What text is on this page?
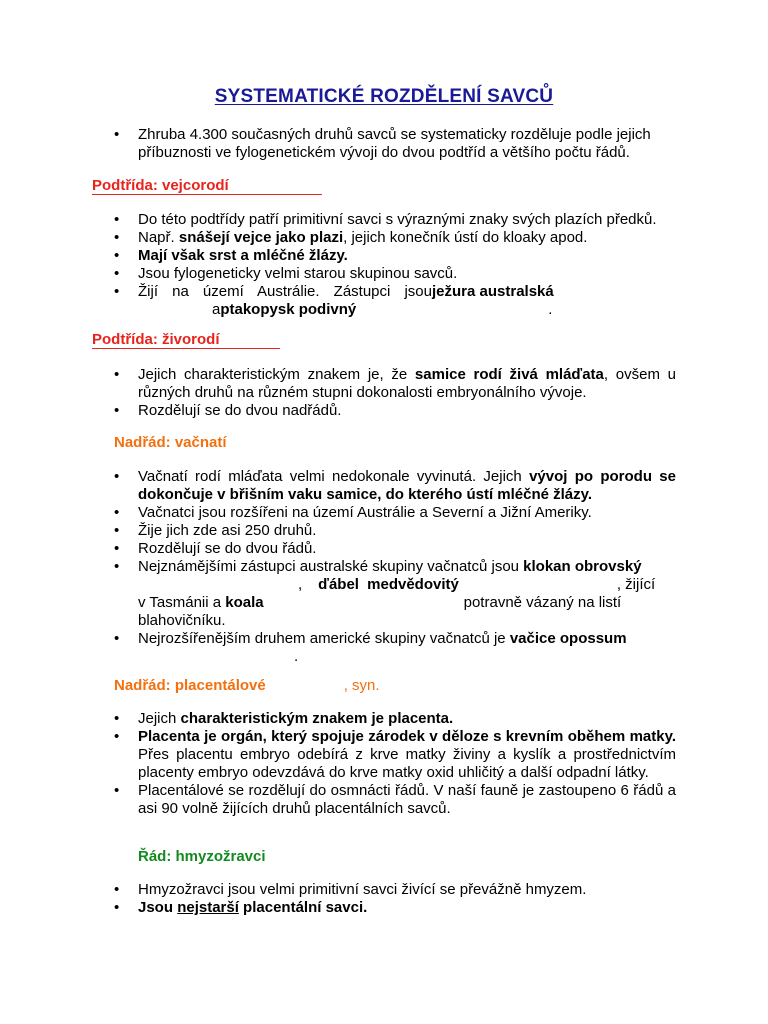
SYSTEMATICKÉ ROZDĚLENÍ SAVCŮ
• Zhruba 4.300 současných druhů savců se systematicky rozděluje podle jejich příbuznosti ve fylogenetickém vývoji do dvou podtříd a většího počtu řádů.
Podtřída: vejcorodí
• Do této podtřídy patří primitivní savci s výraznými znaky svých plazích předků.
• Např. snášejí vejce jako plazi, jejich konečník ústí do kloaky apod.
• Mají však srst a mléčné žlázy.
• Jsou fylogeneticky velmi starou skupinou savců.
• Žijí na území Austrálie. Zástupci jsouježura australská
aptakopysk podivný	.
Podtřída: živorodí
• Jejich charakteristickým znakem je, že samice rodí živá mláďata, ovšem u různých druhů na různém stupni dokonalosti embryonálního vývoje.
• Rozdělují se do dvou nadřádů.
Nadřád: vačnatí
• Vačnatí rodí mláďata velmi nedokonale vyvinutá. Jejich vývoj po porodu se dokončuje v břišním vaku samice, do kterého ústí mléčné žlázy.
• Vačnatci jsou rozšířeni na území Austrálie a Severní a Jižní Ameriky.
• Žije jich zde asi 250 druhů.
• Rozdělují se do dvou řádů.
• Nejznámějšími zástupci australské skupiny vačnatců jsou klokan obrovský
, ďábel medvědovitý	, žijící
v Tasmánii a koala	potravně vázaný na listí
blahovičníku.
• Nejrozšířenějším druhem americké skupiny vačnatců je vačice opossum
.
Nadřád: placentálové	, syn.
• Jejich charakteristickým znakem je placenta.
• Placenta je orgán, který spojuje zárodek v děloze s krevním oběhem matky. Přes placentu embryo odebírá z krve matky živiny a kyslík a prostřednictvím placenty embryo odevzdává do krve matky oxid uhličitý a další odpadní látky.
• Placentálové se rozdělují do osmnácti řádů. V naší fauně je zastoupeno 6 řádů a asi 90 volně žijících druhů placentálních savců.
Řád: hmyzožravci
• Hmyzožravci jsou velmi primitivní savci živící se převážně hmyzem.
• Jsou nejstarší placentální savci.
